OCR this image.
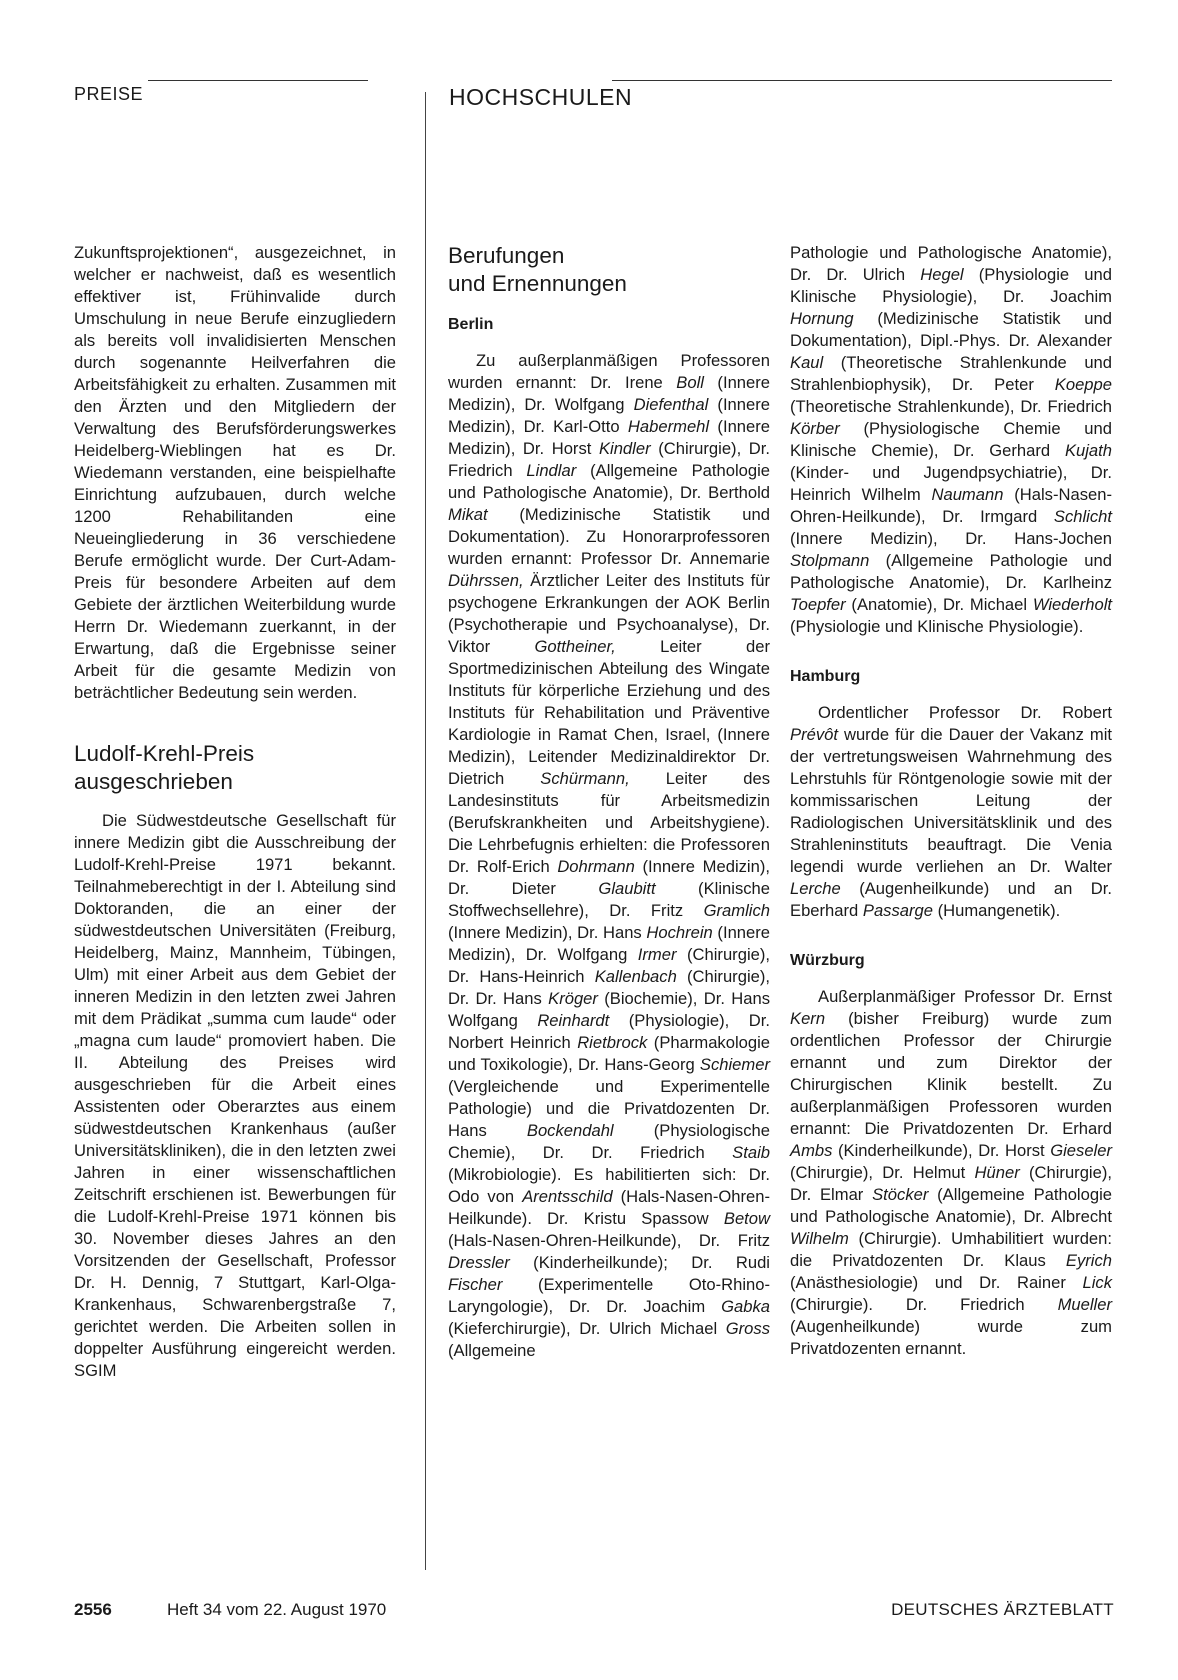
PREISE	HOCHSCHULEN

Zukunftsprojektionen“, ausgezeichnet, in welcher er nachweist, daß es wesentlich effektiver ist, Frühinvalide durch Umschulung in neue Berufe einzugliedern als bereits voll invalidisierten Menschen durch sogenannte Heilverfahren die Arbeitsfähigkeit zu erhalten. Zusammen mit den Ärzten und den Mitgliedern der Verwaltung des Berufsförderungswerkes Heidelberg-Wieblingen hat es Dr. Wiedemann verstanden, eine beispielhafte Einrichtung aufzubauen, durch welche 1200 Rehabilitanden eine Neueingliederung in 36 verschiedene Berufe ermöglicht wurde. Der Curt-Adam-Preis für besondere Arbeiten auf dem Gebiete der ärztlichen Weiterbildung wurde Herrn Dr. Wiedemann zuerkannt, in der Erwartung, daß die Ergebnisse seiner Arbeit für die gesamte Medizin von beträchtlicher Bedeutung sein werden.

Ludolf-Krehl-Preis
ausgeschrieben

Die Südwestdeutsche Gesellschaft für innere Medizin gibt die Ausschreibung der Ludolf-Krehl-Preise 1971 bekannt. Teilnahmeberechtigt in der I. Abteilung sind Doktoranden, die an einer der südwestdeutschen Universitäten (Freiburg, Heidelberg, Mainz, Mannheim, Tübingen, Ulm) mit einer Arbeit aus dem Gebiet der inneren Medizin in den letzten zwei Jahren mit dem Prädikat „summa cum laude“ oder „magna cum laude“ promoviert haben. Die II. Abteilung des Preises wird ausgeschrieben für die Arbeit eines Assistenten oder Oberarztes aus einem südwestdeutschen Krankenhaus (außer Universitätskliniken), die in den letzten zwei Jahren in einer wissenschaftlichen Zeitschrift erschienen ist. Bewerbungen für die Ludolf-Krehl-Preise 1971 können bis 30. November dieses Jahres an den Vorsitzenden der Gesellschaft, Professor Dr. H. Dennig, 7 Stuttgart, Karl-Olga-Krankenhaus, Schwarenbergstraße 7, gerichtet werden. Die Arbeiten sollen in doppelter Ausführung eingereicht werden. SGIM

Berufungen
und Ernennungen
Berlin

Zu außerplanmäßigen Professoren wurden ernannt: Dr. Irene Boll (Innere Medizin), Dr. Wolfgang Diefenthal (Innere Medizin), Dr. Karl-Otto Habermehl (Innere Medizin), Dr. Horst Kindler (Chirurgie), Dr. Friedrich Lindlar (Allgemeine Pathologie und Pathologische Anatomie), Dr. Berthold Mikat (Medizinische Statistik und Dokumentation). Zu Honorarprofessoren wurden ernannt: Professor Dr. Annemarie Dührssen, Ärztlicher Leiter des Instituts für psychogene Erkrankungen der AOK Berlin (Psychotherapie und Psychoanalyse), Dr. Viktor Gottheiner, Leiter der Sportmedizinischen Abteilung des Wingate Instituts für körperliche Erziehung und des Instituts für Rehabilitation und Präventive Kardiologie in Ramat Chen, Israel, (Innere Medizin), Leitender Medizinaldirektor Dr. Dietrich Schürmann, Leiter des Landesinstituts für Arbeitsmedizin (Berufskrankheiten und Arbeitshygiene). Die Lehrbefugnis erhielten: die Professoren Dr. Rolf-Erich Dohrmann (Innere Medizin), Dr. Dieter Glaubitt (Klinische Stoffwechsellehre), Dr. Fritz Gramlich (Innere Medizin), Dr. Hans Hochrein (Innere Medizin), Dr. Wolfgang Irmer (Chirurgie), Dr. Hans-Heinrich Kallenbach (Chirurgie), Dr. Dr. Hans Kröger (Biochemie), Dr. Hans Wolfgang Reinhardt (Physiologie), Dr. Norbert Heinrich Rietbrock (Pharmakologie und Toxikologie), Dr. Hans-Georg Schiemer (Vergleichende und Experimentelle Pathologie) und die Privatdozenten Dr. Hans Bockendahl (Physiologische Chemie), Dr. Dr. Friedrich Staib (Mikrobiologie). Es habilitierten sich: Dr. Odo von Arentsschild (Hals-Nasen-Ohren-Heilkunde). Dr. Kristu Spassow Betow (Hals-Nasen-Ohren-Heilkunde), Dr. Fritz Dressler (Kinderheilkunde); Dr. Rudi Fischer (Experimentelle Oto-Rhino-Laryngologie), Dr. Dr. Joachim Gabka (Kieferchirurgie), Dr. Ulrich Michael Gross (Allgemeine

Pathologie und Pathologische Anatomie), Dr. Dr. Ulrich Hegel (Physiologie und Klinische Physiologie), Dr. Joachim Hornung (Medizinische Statistik und Dokumentation), Dipl.-Phys. Dr. Alexander Kaul (Theoretische Strahlenkunde und Strahlenbiophysik), Dr. Peter Koeppe (Theoretische Strahlenkunde), Dr. Friedrich Körber (Physiologische Chemie und Klinische Chemie), Dr. Gerhard Kujath (Kinder- und Jugendpsychiatrie), Dr. Heinrich Wilhelm Naumann (Hals-Nasen-Ohren-Heilkunde), Dr. Irmgard Schlicht (Innere Medizin), Dr. Hans-Jochen Stolpmann (Allgemeine Pathologie und Pathologische Anatomie), Dr. Karlheinz Toepfer (Anatomie), Dr. Michael Wiederholt (Physiologie und Klinische Physiologie).

Hamburg

Ordentlicher Professor Dr. Robert Prévôt wurde für die Dauer der Vakanz mit der vertretungsweisen Wahrnehmung des Lehrstuhls für Röntgenologie sowie mit der kommissarischen Leitung der Radiologischen Universitätsklinik und des Strahleninstituts beauftragt. Die Venia legendi wurde verliehen an Dr. Walter Lerche (Augenheilkunde) und an Dr. Eberhard Passarge (Humangenetik).

Würzburg

Außerplanmäßiger Professor Dr. Ernst Kern (bisher Freiburg) wurde zum ordentlichen Professor der Chirurgie ernannt und zum Direktor der Chirurgischen Klinik bestellt. Zu außerplanmäßigen Professoren wurden ernannt: Die Privatdozenten Dr. Erhard Ambs (Kinderheilkunde), Dr. Horst Gieseler (Chirurgie), Dr. Helmut Hüner (Chirurgie), Dr. Elmar Stöcker (Allgemeine Pathologie und Pathologische Anatomie), Dr. Albrecht Wilhelm (Chirurgie). Umhabilitiert wurden: die Privatdozenten Dr. Klaus Eyrich (Anästhesiologie) und Dr. Rainer Lick (Chirurgie). Dr. Friedrich Mueller (Augenheilkunde) wurde zum Privatdozenten ernannt.

2556	Heft 34 vom 22. August 1970	DEUTSCHES ÄRZTEBLATT
